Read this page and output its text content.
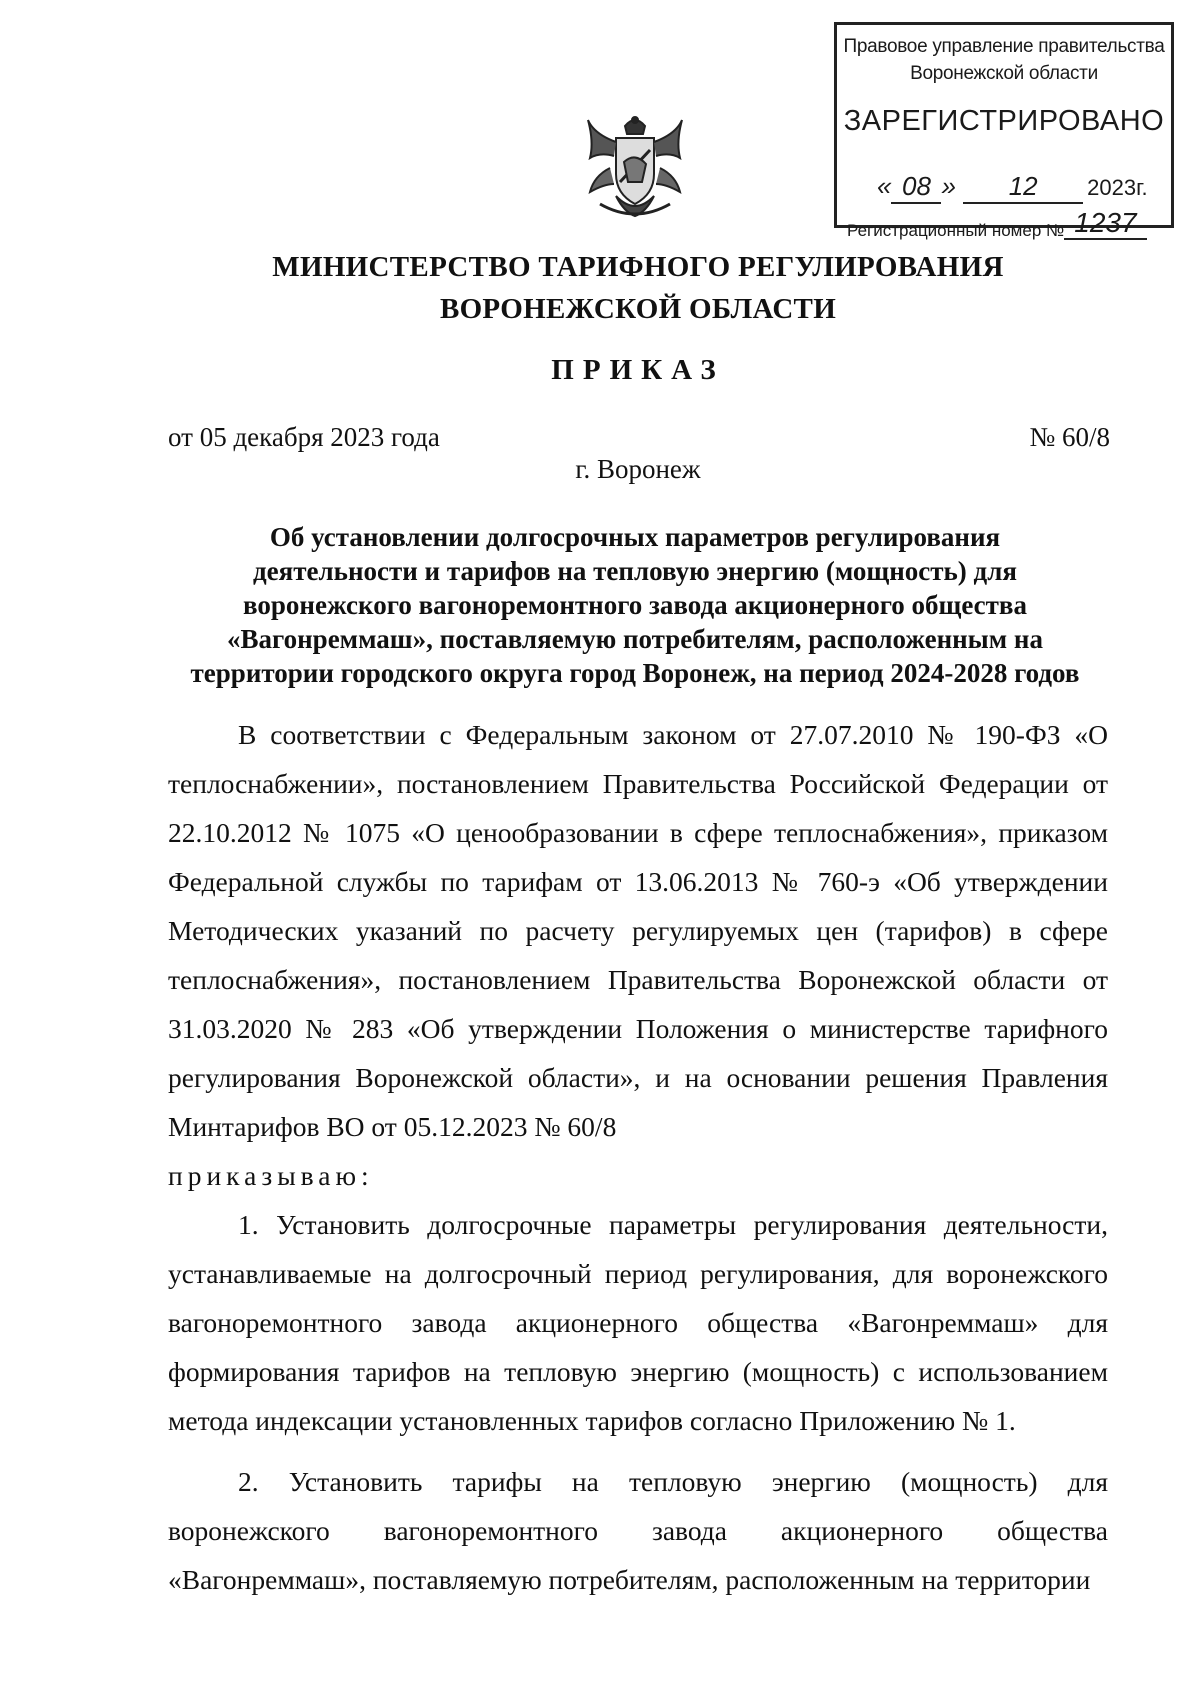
Правовое управление правительства
Воронежской области
ЗАРЕГИСТРИРОВАНО
« 08 » 12 2023г.
Регистрационный номер № 1237
МИНИСТЕРСТВО ТАРИФНОГО РЕГУЛИРОВАНИЯ
ВОРОНЕЖСКОЙ ОБЛАСТИ
ПРИКАЗ
от 05 декабря 2023 года	№ 60/8
г. Воронеж
Об установлении долгосрочных параметров регулирования
деятельности и тарифов на тепловую энергию (мощность) для
воронежского вагоноремонтного завода акционерного общества
«Вагонреммаш», поставляемую потребителям, расположенным на
территории городского округа город Воронеж, на период 2024-2028 годов

В соответствии с Федеральным законом от 27.07.2010 № 190-ФЗ «О теплоснабжении», постановлением Правительства Российской Федерации от 22.10.2012 № 1075 «О ценообразовании в сфере теплоснабжения», приказом Федеральной службы по тарифам от 13.06.2013 № 760-э «Об утверждении Методических указаний по расчету регулируемых цен (тарифов) в сфере теплоснабжения», постановлением Правительства Воронежской области от 31.03.2020 № 283 «Об утверждении Положения о министерстве тарифного регулирования Воронежской области», и на основании решения Правления Минтарифов ВО от 05.12.2023 № 60/8

приказываю:

1. Установить долгосрочные параметры регулирования деятельности, устанавливаемые на долгосрочный период регулирования, для воронежского вагоноремонтного завода акционерного общества «Вагонреммаш» для формирования тарифов на тепловую энергию (мощность) с использованием метода индексации установленных тарифов согласно Приложению № 1.

2. Установить тарифы на тепловую энергию (мощность) для воронежского вагоноремонтного завода акционерного общества «Вагонреммаш», поставляемую потребителям, расположенным на территории
